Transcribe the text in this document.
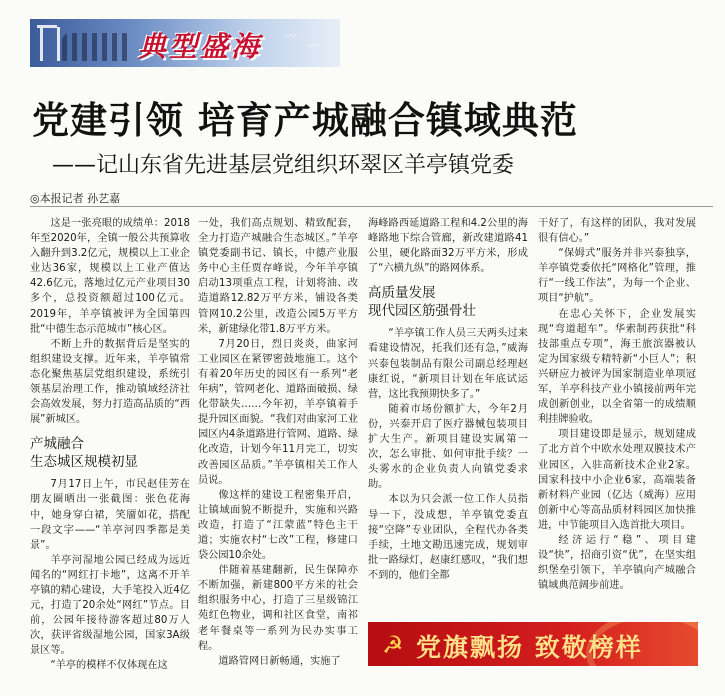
典型盛海 〰
〰
党建引领 培育产城融合镇域典范
——记山东省先进基层党组织环翠区羊亭镇党委
◎本报记者 孙艺嘉

这是一张亮眼的成绩单：2018年至2020年，全镇一般公共预算收入翻升到3.2亿元，规模以上工业企业达36家，规模以上工业产值达42.6亿元，落地过亿元产业项目30多个，总投资额超过100亿元。2019年，羊亭镇被评为全国第四批“中德生态示范城市”核心区。

不断上升的数据背后是坚实的组织建设支撑。近年来，羊亭镇常态化聚焦基层党组织建设，系统引领基层治理工作，推动镇域经济社会高效发展，努力打造高品质的“西展”新城区。

产城融合
生态城区规模初显

7月17日上午，市民赵佳芳在朋友圈晒出一张截图：张色花海中，她身穿白裙，笑靥如花，搭配一段文字——“羊亭河四季都是美景”。

羊亭河湿地公园已经成为远近闻名的“网红打卡地”，这离不开羊亭镇的精心建设，大手笔投入近4亿元，打造了20余处“网红”节点。目前，公园年接待游客超过80万人次，获评省级湿地公园，国家3A级景区等。

“羊亭的模样不仅体现在这

一处，我们高点规划、精致配套，全力打造产城融合生态城区。”羊亭镇党委副书记、镇长，中德产业服务中心主任贾存峰说，今年羊亭镇启动13项重点工程，计划将油、改造道路12.82万平方米，铺设各类管网10.2公里，改造公园5万平方米，新建绿化带1.8万平方米。

7月20日，烈日炎炎，曲家河工业园区在紧锣密鼓地施工。这个有着20年历史的园区有一系列“老年病”，管网老化、道路面破损、绿化带缺失……今年初，羊亭镇着手提升园区面貌。“我们对曲家河工业园区内4条道路进行管网、道路、绿化改造，计划今年11月完工，切实改善园区品质。”羊亭镇相关工作人员说。

像这样的建设工程密集开启，让镇域面貌不断提升，实施和兴路改造，打造了“江蒙蓝”特色主干道；实施农村“七改”工程，修建口袋公园10余处。

伴随着基建翻新，民生保障亦不断加强，新建800平方米的社会组织服务中心，打造了三星级锦江苑红色物业，调和社区食堂，南祁老年餐桌等一系列为民办实事工程。

道路管网日新畅通，实施了

海峰路西延道路工程和4.2公里的海峰路地下综合管廊，新改建道路41公里，硬化路面32万平方米，形成了“六横九纵”的路网体系。

高质量发展
现代园区筋强骨壮

“羊亭镇工作人员三天两头过来看建设情况，托我们还有急，”威海兴泰包装制品有限公司副总经理赵康红说，“新项目计划在年底试运营，这比我预期快多了。”

随着市场份额扩大，今年2月份，兴泰开启了医疗器械包装项目扩大生产。新项目建设实属第一次，怎么审批、如何审批手续？一头雾水的企业负责人向镇党委求助。

本以为只会派一位工作人员指导一下，没成想，羊亭镇党委直接“空降”专业团队，全程代办各类手续，土地文勘迅速完成，规划审批一路绿灯，赵康红感叹，“我们想不到的，他们全都

干好了，有这样的团队，我对发展很有信心。”

“保姆式”服务并非兴泰独享，羊亭镇党委依托“网格化”管理，推行“一线工作法”，为每一个企业、项目“护航”。

在忠心关怀下，企业发展实现“弯道超车”。华索制药获批“科技部重点专项”，海王旅滨器被认定为国家级专精特新“小巨人”；积兴研应力被评为国家制造业单项冠军，羊亭科技产业小镇接前两年完成创新创业，以全省第一的成绩顺利挂牌验收。

项目建设即是显示，规划建成了北方首个中欧水处理双膜技术产业园区，入驻高新技术企业2家。国家科技中小企业6家，高端装备新材料产业园（亿达（威海）应用创新中心等高品质材料园区加快推进，中节能项目入选首批大项目。

经济运行“稳”、项目建设“快”，招商引资“优”，在坚实组织堡垒引领下，羊亭镇向产城融合镇域典范阔步前进。

☭ 党旗飘扬 致敬榜样
